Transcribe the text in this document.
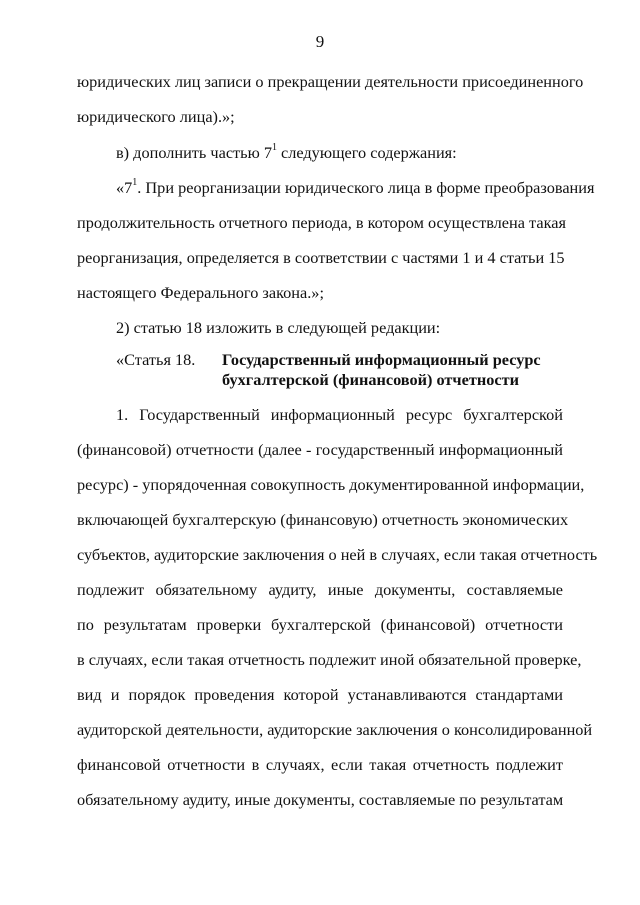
9
юридических лиц записи о прекращении деятельности присоединенного
юридического лица).»;
в) дополнить частью $7^1$ следующего содержания:
«$7^1$. При реорганизации юридического лица в форме преобразования
продолжительность отчетного периода, в котором осуществлена такая
реорганизация, определяется в соответствии с частями 1 и 4 статьи 15
настоящего Федерального закона.»;
2) статью 18 изложить в следующей редакции:
«Статья 18. Государственный информационный ресурс
бухгалтерской (финансовой) отчетности
1. Государственный информационный ресурс бухгалтерской
(финансовой) отчетности (далее - государственный информационный
ресурс) - упорядоченная совокупность документированной информации,
включающей бухгалтерскую (финансовую) отчетность экономических
субъектов, аудиторские заключения о ней в случаях, если такая отчетность
подлежит обязательному аудиту, иные документы, составляемые
по результатам проверки бухгалтерской (финансовой) отчетности
в случаях, если такая отчетность подлежит иной обязательной проверке,
вид и порядок проведения которой устанавливаются стандартами
аудиторской деятельности, аудиторские заключения о консолидированной
финансовой отчетности в случаях, если такая отчетность подлежит
обязательному аудиту, иные документы, составляемые по результатам
